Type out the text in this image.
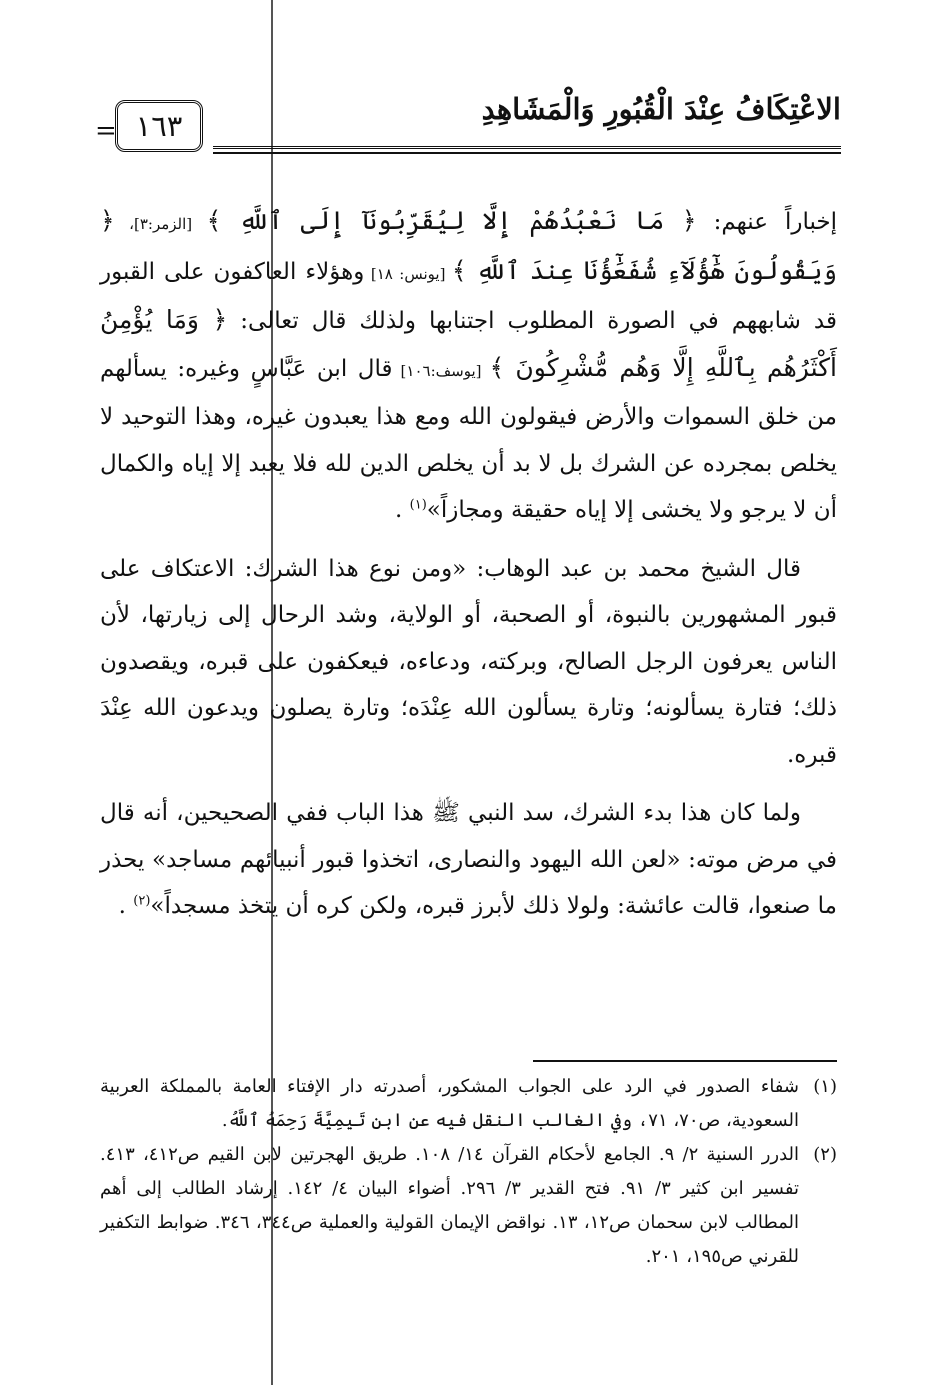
الاعْتِكَافُ عِنْدَ الْقُبُورِ وَالْمَشَاهِدِ
١٦٣
=

إخباراً عنهم: ﴿ مَا نَعْبُدُهُمْ إِلَّا لِيُقَرِّبُونَآ إِلَى ٱللَّهِ ﴾ [الزمر:٣]، ﴿ وَيَقُولُونَ هَٰٓؤُلَآءِ شُفَعَٰٓؤُنَا عِندَ ٱللَّهِ ﴾ [يونس: ١٨] وهؤلاء العاكفون على القبور قد شابههم في الصورة المطلوب اجتنابها ولذلك قال تعالى: ﴿ وَمَا يُؤْمِنُ أَكْثَرُهُم بِٱللَّهِ إِلَّا وَهُم مُّشْرِكُونَ ﴾ [يوسف:١٠٦] قال ابن عَبَّاسٍ وغيره: يسألهم من خلق السموات والأرض فيقولون الله ومع هذا يعبدون غيره، وهذا التوحيد لا يخلص بمجرده عن الشرك بل لا بد أن يخلص الدين لله فلا يعبد إلا إياه والكمال أن لا يرجو ولا يخشى إلا إياه حقيقة ومجازاً»$^{(١)}$ .

قال الشيخ محمد بن عبد الوهاب: «ومن نوع هذا الشرك: الاعتكاف على قبور المشهورين بالنبوة، أو الصحبة، أو الولاية، وشد الرحال إلى زيارتها، لأن الناس يعرفون الرجل الصالح، وبركته، ودعاءه، فيعكفون على قبره، ويقصدون ذلك؛ فتارة يسألونه؛ وتارة يسألون الله عِنْدَه؛ وتارة يصلون ويدعون الله عِنْدَ قبره.

ولما كان هذا بدء الشرك، سد النبي ﷺ هذا الباب ففي الصحيحين، أنه قال في مرض موته: «لعن الله اليهود والنصارى، اتخذوا قبور أنبيائهم مساجد» يحذر ما صنعوا، قالت عائشة: ولولا ذلك لأبرز قبره، ولكن كره أن يتخذ مسجداً»$^{(٢)}$ .

(١)
شفاء الصدور في الرد على الجواب المشكور، أصدرته دار الإفتاء العامة بالمملكة العربية السعودية، ص٧٠، ٧١، وفي الغالب النقل فيه عن ابن تَيمِيَّةَ رَحِمَهُ ٱللَّهُ.

(٢)
الدرر السنية ٢/ ٩. الجامع لأحكام القرآن ١٤/ ١٠٨. طريق الهجرتين لابن القيم ص٤١٢، ٤١٣. تفسير ابن كثير ٣/ ٩١. فتح القدير ٣/ ٢٩٦. أضواء البيان ٤/ ١٤٢. إرشاد الطالب إلى أهم المطالب لابن سحمان ص١٢، ١٣. نواقض الإيمان القولية والعملية ص٣٤٤، ٣٤٦. ضوابط التكفير للقرني ص١٩٥، ٢٠١.
